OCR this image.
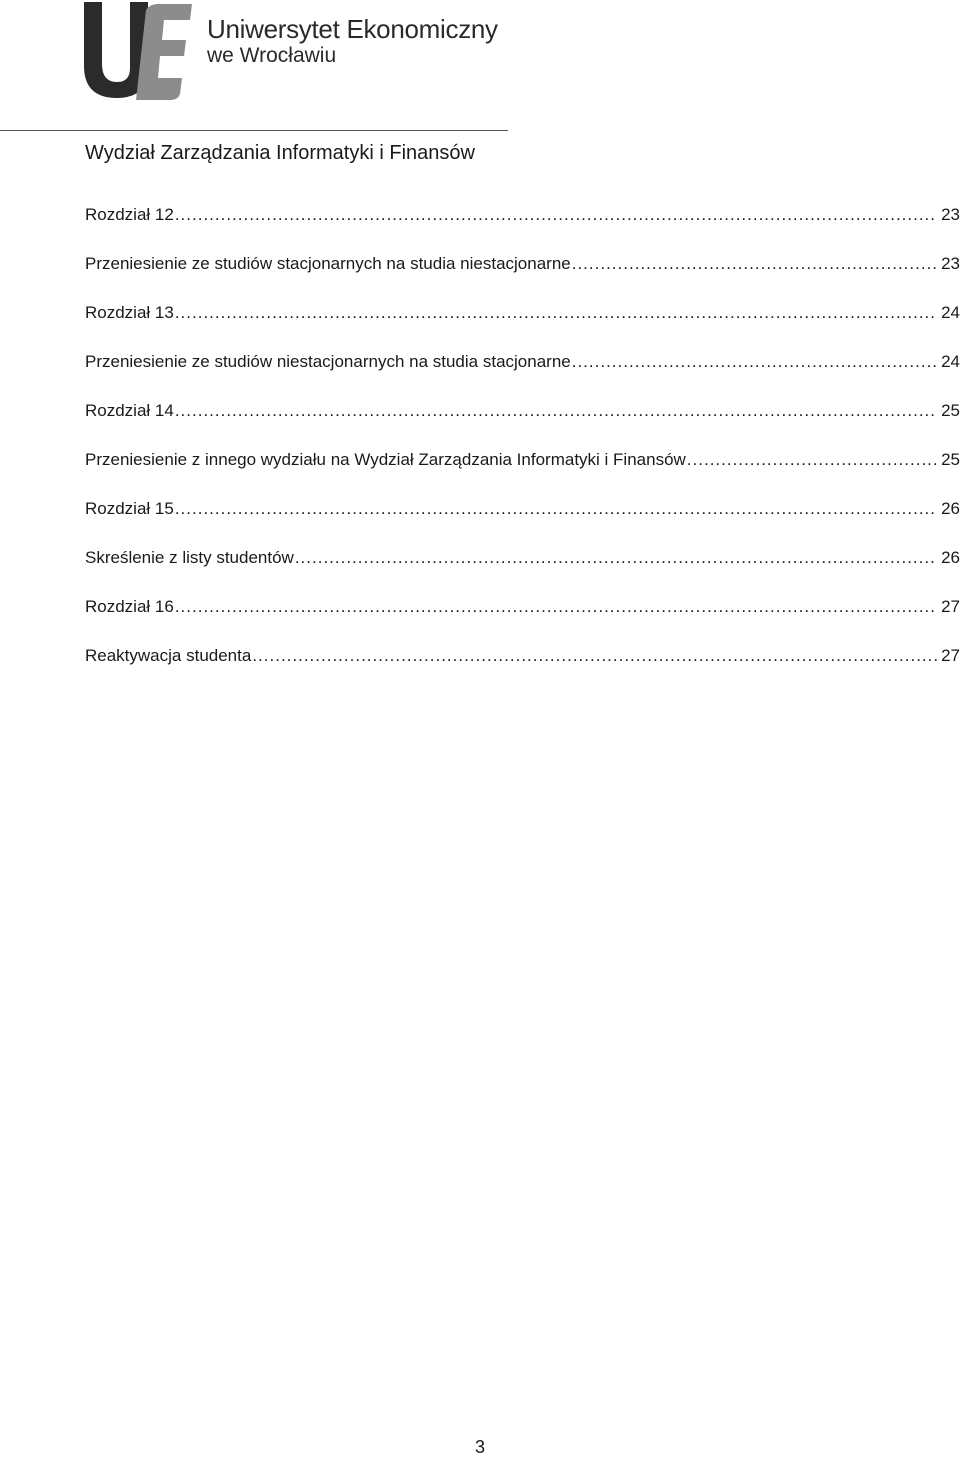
Uniwersytet Ekonomiczny
we Wrocławiu
Wydział Zarządzania Informatyki i Finansów
Rozdział 12 .....	23
Przeniesienie ze studiów stacjonarnych na studia niestacjonarne .....	23
Rozdział 13 .....	24
Przeniesienie ze studiów niestacjonarnych na studia stacjonarne .....	24
Rozdział 14 .....	25
Przeniesienie z innego wydziału na Wydział Zarządzania Informatyki i Finansów .....	25
Rozdział 15 .....	26
Skreślenie z listy studentów .....	26
Rozdział 16 .....	27
Reaktywacja studenta .....	27
3
